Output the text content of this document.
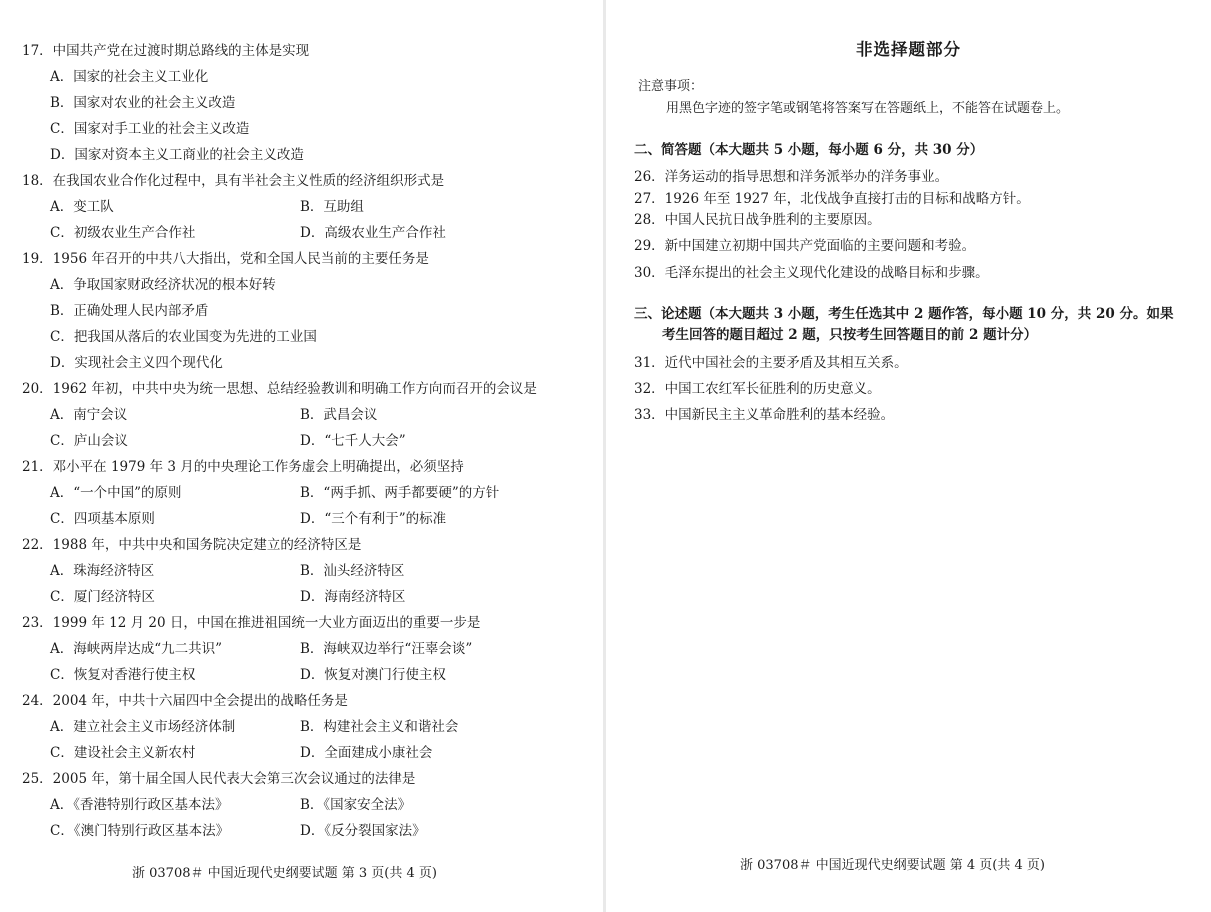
17．中国共产党在过渡时期总路线的主体是实现
A．国家的社会主义工业化
B．国家对农业的社会主义改造
C．国家对手工业的社会主义改造
D．国家对资本主义工商业的社会主义改造
18．在我国农业合作化过程中，具有半社会主义性质的经济组织形式是
A．变工队	B．互助组
C．初级农业生产合作社	D．高级农业生产合作社
19．1956 年召开的中共八大指出，党和全国人民当前的主要任务是
A．争取国家财政经济状况的根本好转
B．正确处理人民内部矛盾
C．把我国从落后的农业国变为先进的工业国
D．实现社会主义四个现代化
20．1962 年初，中共中央为统一思想、总结经验教训和明确工作方向而召开的会议是
A．南宁会议	B．武昌会议
C．庐山会议	D．“七千人大会”
21．邓小平在 1979 年 3 月的中央理论工作务虚会上明确提出，必须坚持
A．“一个中国”的原则	B．“两手抓、两手都要硬”的方针
C．四项基本原则	D．“三个有利于”的标准
22．1988 年，中共中央和国务院决定建立的经济特区是
A．珠海经济特区	B．汕头经济特区
C．厦门经济特区	D．海南经济特区
23．1999 年 12 月 20 日，中国在推进祖国统一大业方面迈出的重要一步是
A．海峡两岸达成“九二共识”	B．海峡双边举行“汪辜会谈”
C．恢复对香港行使主权	D．恢复对澳门行使主权
24．2004 年，中共十六届四中全会提出的战略任务是
A．建立社会主义市场经济体制	B．构建社会主义和谐社会
C．建设社会主义新农村	D．全面建成小康社会
25．2005 年，第十届全国人民代表大会第三次会议通过的法律是
A．《香港特别行政区基本法》	B．《国家安全法》
C．《澳门特别行政区基本法》	D．《反分裂国家法》
浙 03708＃ 中国近现代史纲要试题 第 3 页(共 4 页)
非选择题部分
注意事项：
用黑色字迹的签字笔或钢笔将答案写在答题纸上，不能答在试题卷上。
二、简答题（本大题共 5 小题，每小题 6 分，共 30 分）
26．洋务运动的指导思想和洋务派举办的洋务事业。
27．1926 年至 1927 年，北伐战争直接打击的目标和战略方针。
28．中国人民抗日战争胜利的主要原因。
29．新中国建立初期中国共产党面临的主要问题和考验。
30．毛泽东提出的社会主义现代化建设的战略目标和步骤。
三、论述题（本大题共 3 小题，考生任选其中 2 题作答，每小题 10 分，共 20 分。如果
考生回答的题目超过 2 题，只按考生回答题目的前 2 题计分）
31．近代中国社会的主要矛盾及其相互关系。
32．中国工农红军长征胜利的历史意义。
33．中国新民主主义革命胜利的基本经验。
浙 03708＃ 中国近现代史纲要试题 第 4 页(共 4 页)
